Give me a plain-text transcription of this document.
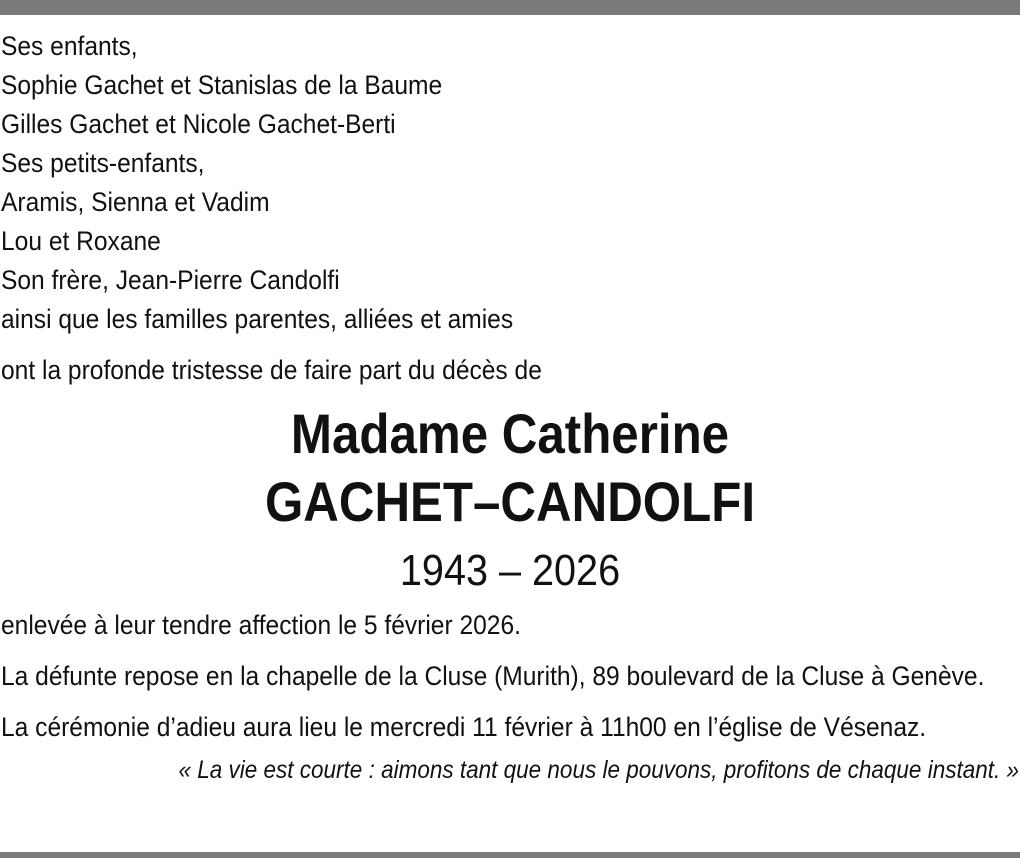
Ses enfants,
Sophie Gachet et Stanislas de la Baume
Gilles Gachet et Nicole Gachet-Berti
Ses petits-enfants,
Aramis, Sienna et Vadim
Lou et Roxane
Son frère, Jean-Pierre Candolfi
ainsi que les familles parentes, alliées et amies
ont la profonde tristesse de faire part du décès de
Madame Catherine
GACHET–CANDOLFI
1943 – 2026
enlevée à leur tendre affection le 5 février 2026.
La défunte repose en la chapelle de la Cluse (Murith), 89 boulevard de la Cluse à Genève.
La cérémonie d’adieu aura lieu le mercredi 11 février à 11h00 en l’église de Vésenaz.
« La vie est courte : aimons tant que nous le pouvons, profitons de chaque instant. »
